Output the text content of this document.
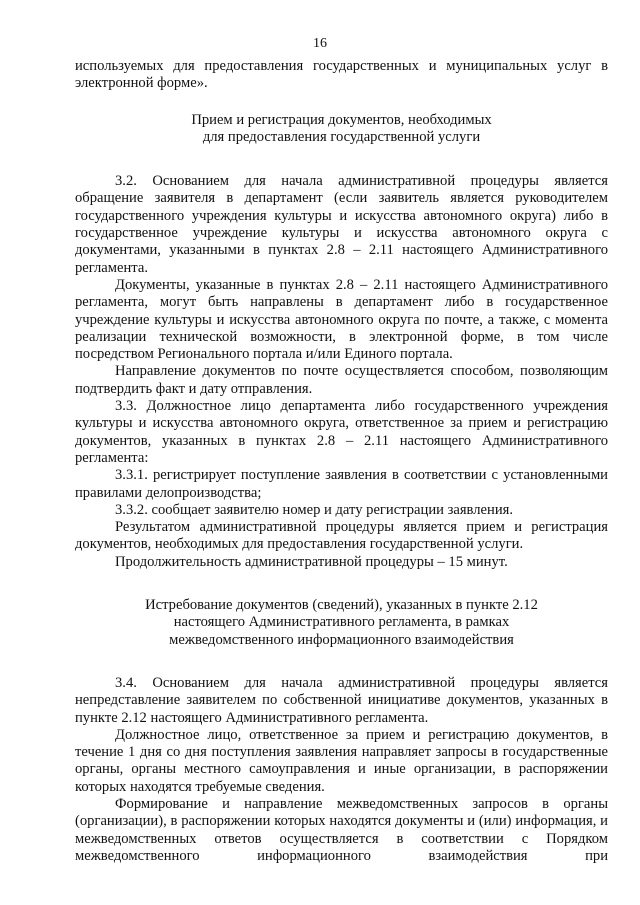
16

используемых для предоставления государственных и муниципальных услуг в электронной форме».

Прием и регистрация документов, необходимых
для предоставления государственной услуги

3.2. Основанием для начала административной процедуры является обращение заявителя в департамент (если заявитель является руководителем государственного учреждения культуры и искусства автономного округа) либо в государственное учреждение культуры и искусства автономного округа с документами, указанными в пунктах 2.8 – 2.11 настоящего Административного регламента.

Документы, указанные в пунктах 2.8 – 2.11 настоящего Административного регламента, могут быть направлены в департамент либо в государственное учреждение культуры и искусства автономного округа по почте, а также, с момента реализации технической возможности, в электронной форме, в том числе посредством Регионального портала и/или Единого портала.

Направление документов по почте осуществляется способом, позволяющим подтвердить факт и дату отправления.

3.3. Должностное лицо департамента либо государственного учреждения культуры и искусства автономного округа, ответственное за прием и регистрацию документов, указанных в пунктах 2.8 – 2.11 настоящего Административного регламента:

3.3.1. регистрирует поступление заявления в соответствии с установленными правилами делопроизводства;

3.3.2. сообщает заявителю номер и дату регистрации заявления.

Результатом административной процедуры является прием и регистрация документов, необходимых для предоставления государственной услуги.

Продолжительность административной процедуры – 15 минут.

Истребование документов (сведений), указанных в пункте 2.12
настоящего Административного регламента, в рамках
межведомственного информационного взаимодействия

3.4. Основанием для начала административной процедуры является непредставление заявителем по собственной инициативе документов, указанных в пункте 2.12 настоящего Административного регламента.

Должностное лицо, ответственное за прием и регистрацию документов, в течение 1 дня со дня поступления заявления направляет запросы в государственные органы, органы местного самоуправления и иные организации, в распоряжении которых находятся требуемые сведения.

Формирование и направление межведомственных запросов в органы (организации), в распоряжении которых находятся документы и (или) информация, и межведомственных ответов осуществляется в соответствии с Порядком межведомственного информационного взаимодействия при
